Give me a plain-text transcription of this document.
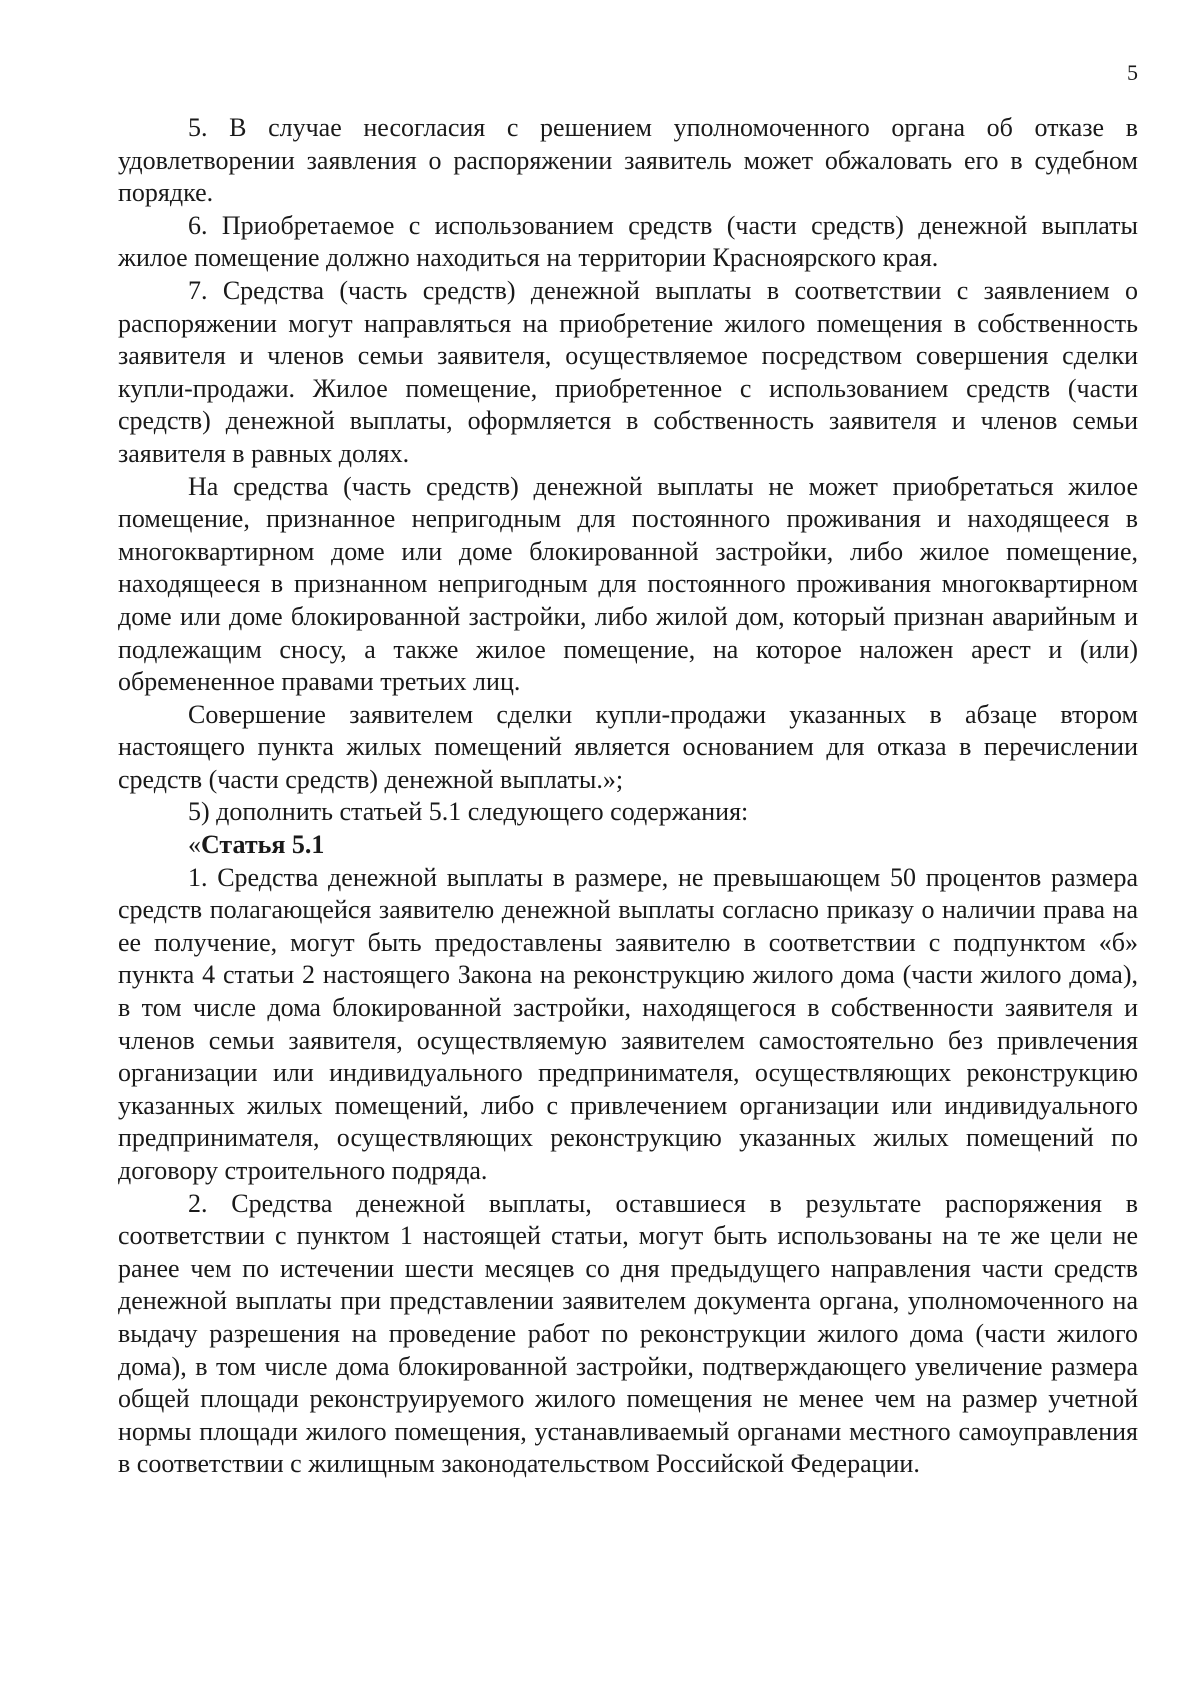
5

5. В случае несогласия с решением уполномоченного органа об отказе в удовлетворении заявления о распоряжении заявитель может обжаловать его в судебном порядке.

6. Приобретаемое с использованием средств (части средств) денежной выплаты жилое помещение должно находиться на территории Красноярского края.

7. Средства (часть средств) денежной выплаты в соответствии с заявлением о распоряжении могут направляться на приобретение жилого помещения в собственность заявителя и членов семьи заявителя, осуществляемое посредством совершения сделки купли-продажи. Жилое помещение, приобретенное с использованием средств (части средств) денежной выплаты, оформляется в собственность заявителя и членов семьи заявителя в равных долях.

На средства (часть средств) денежной выплаты не может приобретаться жилое помещение, признанное непригодным для постоянного проживания и находящееся в многоквартирном доме или доме блокированной застройки, либо жилое помещение, находящееся в признанном непригодным для постоянного проживания многоквартирном доме или доме блокированной застройки, либо жилой дом, который признан аварийным и подлежащим сносу, а также жилое помещение, на которое наложен арест и (или) обремененное правами третьих лиц.

Совершение заявителем сделки купли-продажи указанных в абзаце втором настоящего пункта жилых помещений является основанием для отказа в перечислении средств (части средств) денежной выплаты.»;

5) дополнить статьей 5.1 следующего содержания:

«Статья 5.1

1. Средства денежной выплаты в размере, не превышающем 50 процентов размера средств полагающейся заявителю денежной выплаты согласно приказу о наличии права на ее получение, могут быть предоставлены заявителю в соответствии с подпунктом «б» пункта 4 статьи 2 настоящего Закона на реконструкцию жилого дома (части жилого дома), в том числе дома блокированной застройки, находящегося в собственности заявителя и членов семьи заявителя, осуществляемую заявителем самостоятельно без привлечения организации или индивидуального предпринимателя, осуществляющих реконструкцию указанных жилых помещений, либо с привлечением организации или индивидуального предпринимателя, осуществляющих реконструкцию указанных жилых помещений по договору строительного подряда.

2. Средства денежной выплаты, оставшиеся в результате распоряжения в соответствии с пунктом 1 настоящей статьи, могут быть использованы на те же цели не ранее чем по истечении шести месяцев со дня предыдущего направления части средств денежной выплаты при представлении заявителем документа органа, уполномоченного на выдачу разрешения на проведение работ по реконструкции жилого дома (части жилого дома), в том числе дома блокированной застройки, подтверждающего увеличение размера общей площади реконструируемого жилого помещения не менее чем на размер учетной нормы площади жилого помещения, устанавливаемый органами местного самоуправления в соответствии с жилищным законодательством Российской Федерации.
